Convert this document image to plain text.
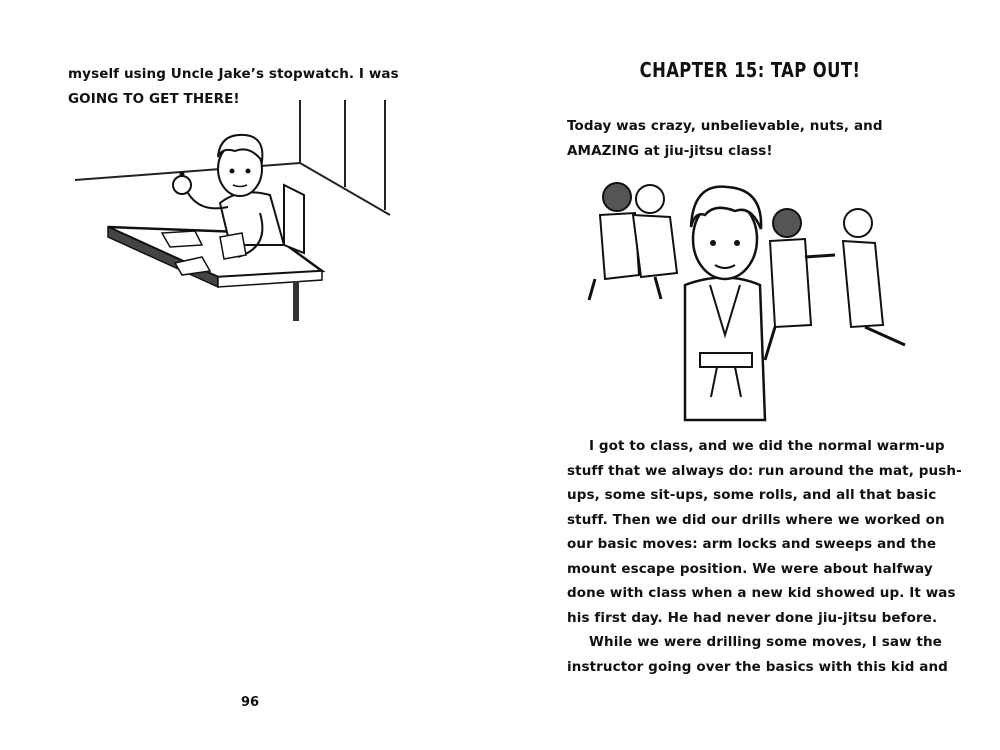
myself using Uncle Jake’s stopwatch. I was GOING TO GET THERE!

96
CHAPTER 15: TAP OUT!

Today was crazy, unbelievable, nuts, and AMAZING at jiu-jitsu class!

I got to class, and we did the normal warm-up stuff that we always do: run around the mat, push-ups, some sit-ups, some rolls, and all that basic stuff. Then we did our drills where we worked on our basic moves: arm locks and sweeps and the mount escape position. We were about halfway done with class when a new kid showed up. It was his first day. He had never done jiu-jitsu before.

While we were drilling some moves, I saw the instructor going over the basics with this kid and
